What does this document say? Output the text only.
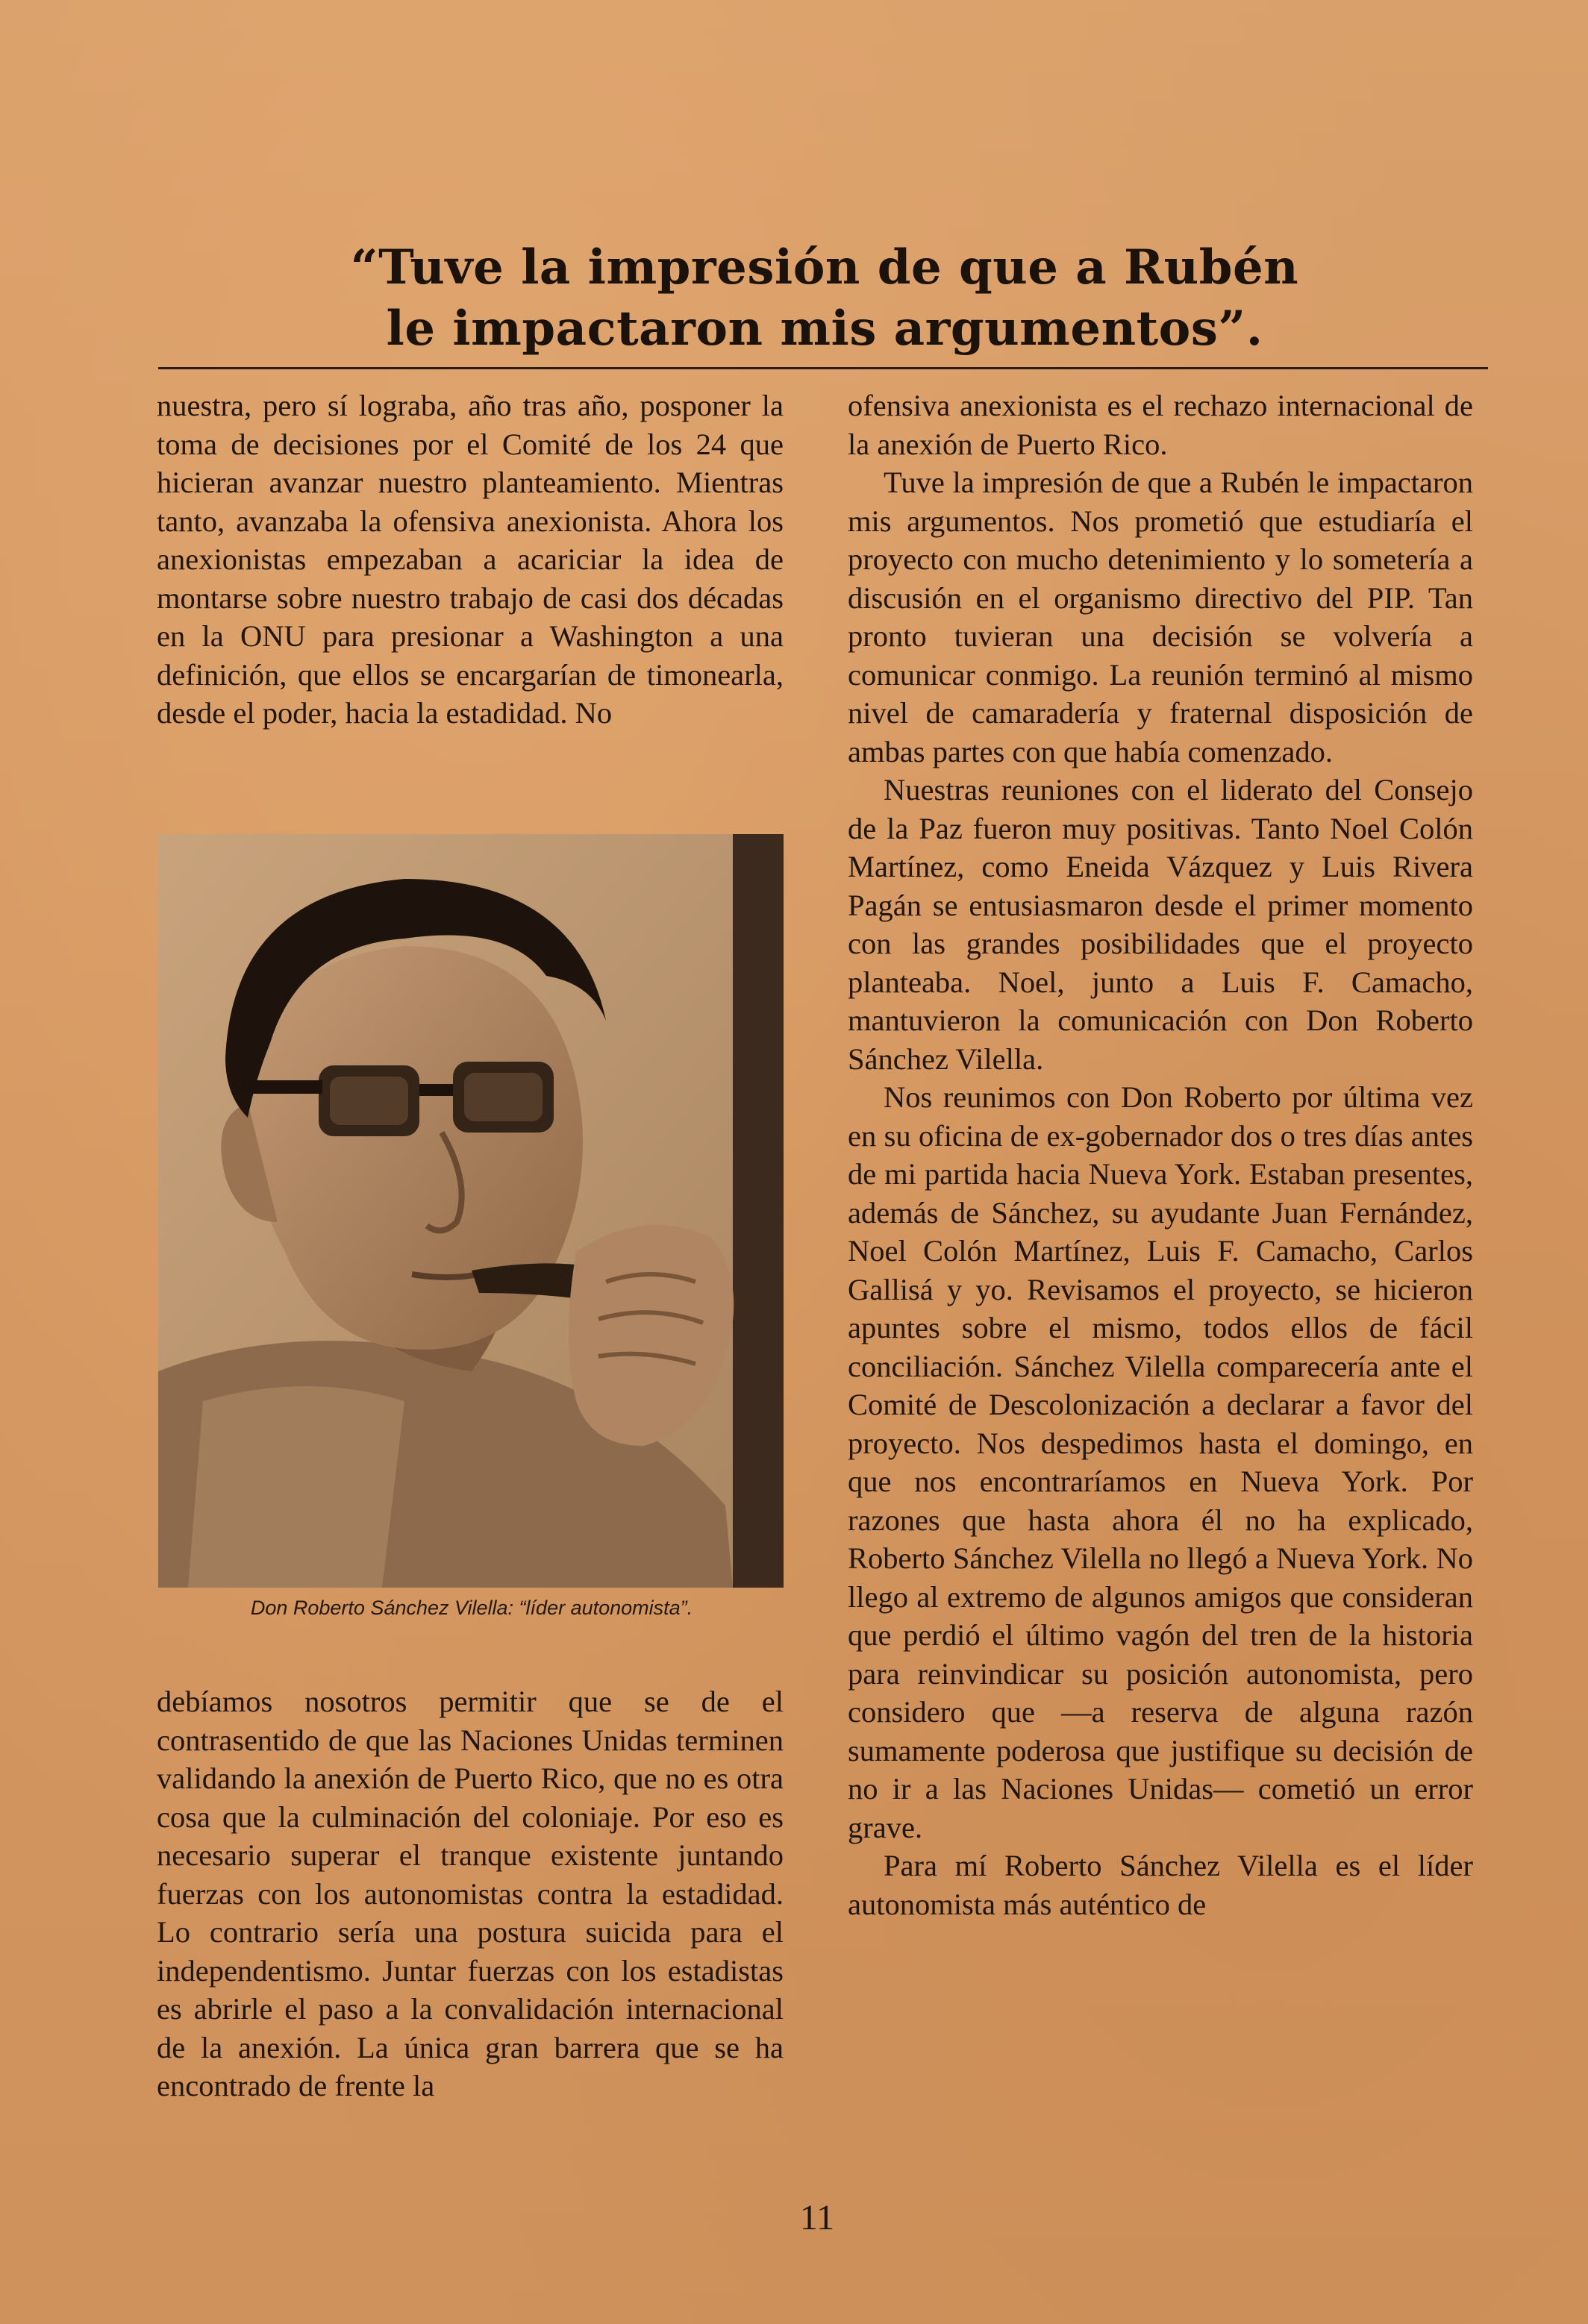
“Tuve la impresión de que a Rubén
le impactaron mis argumentos”.

nuestra, pero sí lograba, año tras año, posponer la toma de decisiones por el Comité de los 24 que hicieran avanzar nuestro planteamiento. Mientras tanto, avanzaba la ofensiva anexionista. Ahora los anexionistas empezaban a acariciar la idea de montarse sobre nuestro trabajo de casi dos décadas en la ONU para presionar a Washington a una definición, que ellos se encargarían de timonearla, desde el poder, hacia la estadidad. No

Don Roberto Sánchez Vilella: “líder autonomista”.

debíamos nosotros permitir que se de el contrasentido de que las Naciones Unidas terminen validando la anexión de Puerto Rico, que no es otra cosa que la culminación del coloniaje. Por eso es necesario superar el tranque existente juntando fuerzas con los autonomistas contra la estadidad. Lo contrario sería una postura suicida para el independentismo. Juntar fuerzas con los estadistas es abrirle el paso a la convalidación internacional de la anexión. La única gran barrera que se ha encontrado de frente la

ofensiva anexionista es el rechazo internacional de la anexión de Puerto Rico.

Tuve la impresión de que a Rubén le impactaron mis argumentos. Nos prometió que estudiaría el proyecto con mucho detenimiento y lo sometería a discusión en el organismo directivo del PIP. Tan pronto tuvieran una decisión se volvería a comunicar conmigo. La reunión terminó al mismo nivel de camaradería y fraternal disposición de ambas partes con que había comenzado.

Nuestras reuniones con el liderato del Consejo de la Paz fueron muy positivas. Tanto Noel Colón Martínez, como Eneida Vázquez y Luis Rivera Pagán se entusiasmaron desde el primer momento con las grandes posibilidades que el proyecto planteaba. Noel, junto a Luis F. Camacho, mantuvieron la comunicación con Don Roberto Sánchez Vilella.

Nos reunimos con Don Roberto por última vez en su oficina de ex-gobernador dos o tres días antes de mi partida hacia Nueva York. Estaban presentes, además de Sánchez, su ayudante Juan Fernández, Noel Colón Martínez, Luis F. Camacho, Carlos Gallisá y yo. Revisamos el proyecto, se hicieron apuntes sobre el mismo, todos ellos de fácil conciliación. Sánchez Vilella comparecería ante el Comité de Descolonización a declarar a favor del proyecto. Nos despedimos hasta el domingo, en que nos encontraríamos en Nueva York. Por razones que hasta ahora él no ha explicado, Roberto Sánchez Vilella no llegó a Nueva York. No llego al extremo de algunos amigos que consideran que perdió el último vagón del tren de la historia para reinvindicar su posición autonomista, pero considero que —a reserva de alguna razón sumamente poderosa que justifique su decisión de no ir a las Naciones Unidas— cometió un error grave.

Para mí Roberto Sánchez Vilella es el líder autonomista más auténtico de

11
